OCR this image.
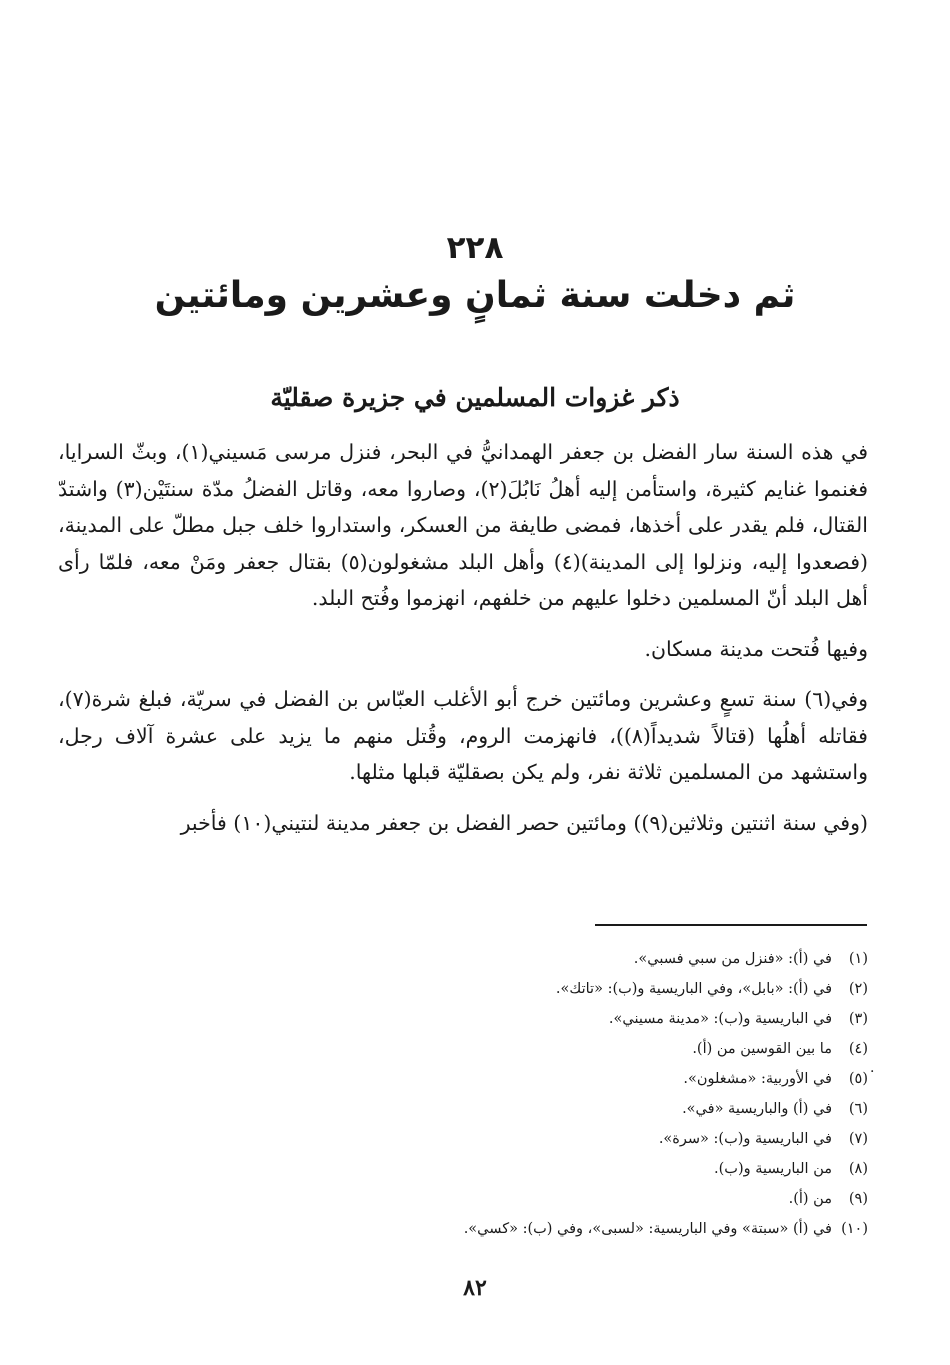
٢٢٨
ثم دخلت سنة ثمانٍ وعشرين ومائتين
ذكر غزوات المسلمين في جزيرة صقليّة

في هذه السنة سار الفضل بن جعفر الهمدانيُّ في البحر، فنزل مرسى مَسيني(١)، وبثّ السرايا، فغنموا غنايم كثيرة، واستأمن إليه أهلُ نَابُلَ(٢)، وصاروا معه، وقاتل الفضلُ مدّة سنتَيْن(٣) واشتدّ القتال، فلم يقدر على أخذها، فمضى طايفة من العسكر، واستداروا خلف جبل مطلّ على المدينة، (فصعدوا إليه، ونزلوا إلى المدينة)(٤) وأهل البلد مشغولون(٥) بقتال جعفر ومَنْ معه، فلمّا رأى أهل البلد أنّ المسلمين دخلوا عليهم من خلفهم، انهزموا وفُتح البلد.

وفيها فُتحت مدينة مسكان.

وفي(٦) سنة تسعٍ وعشرين ومائتين خرج أبو الأغلب العبّاس بن الفضل في سريّة، فبلغ شرة(٧)، فقاتله أهلُها (قتالاً شديداً(٨))، فانهزمت الروم، وقُتل منهم ما يزيد على عشرة آلاف رجل، واستشهد من المسلمين ثلاثة نفر، ولم يكن بصقليّة قبلها مثلها.

(وفي سنة اثنتين وثلاثين(٩)) ومائتين حصر الفضل بن جعفر مدينة لنتيني(١٠) فأخبر

(١)في (أ): «فنزل من سبي فسبي».
(٢)في (أ): «بابل»، وفي الباريسية و(ب): «تاتك».
(٣)في الباريسية و(ب): «مدينة مسيني».
(٤)ما بين القوسين من (أ).
(٥)في الأوربية: «مشغلون».
(٦)في (أ) والباريسية «في».
(٧)في الباريسية و(ب): «سرة».
(٨)من الباريسية و(ب).
(٩)من (أ).
(١٠)في (أ) «سبتة» وفي الباريسية: «لسبى»، وفي (ب): «كسي».
·
٨٢
